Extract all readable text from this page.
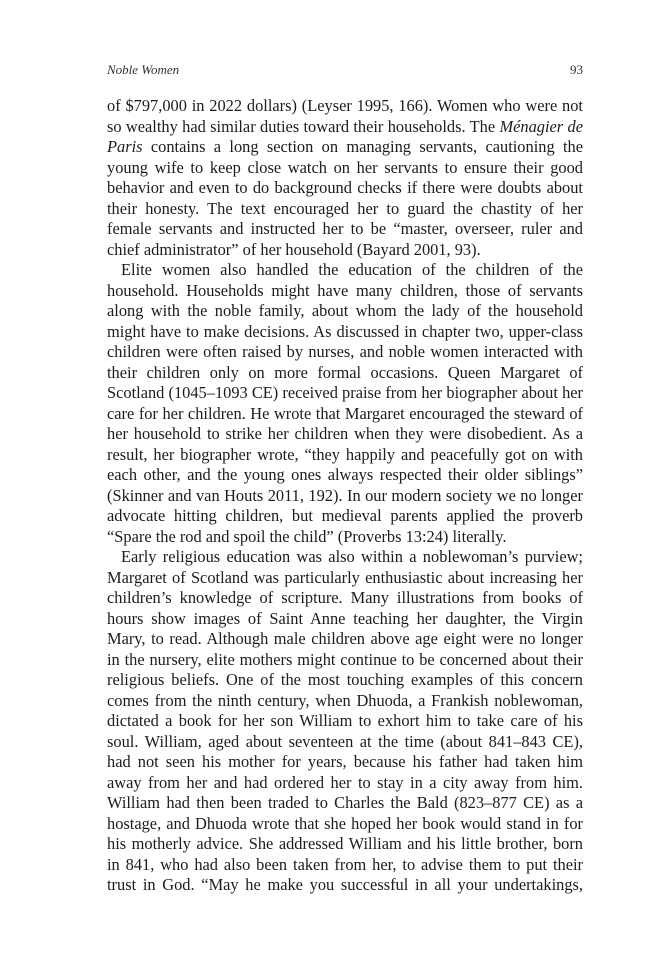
Noble Women	93

of $797,000 in 2022 dollars) (Leyser 1995, 166). Women who were not so wealthy had similar duties toward their households. The Ménagier de Paris contains a long section on managing servants, cautioning the young wife to keep close watch on her servants to ensure their good behavior and even to do background checks if there were doubts about their honesty. The text encouraged her to guard the chastity of her female servants and instructed her to be “master, overseer, ruler and chief administrator” of her household (Bayard 2001, 93).

Elite women also handled the education of the children of the household. Households might have many children, those of servants along with the noble family, about whom the lady of the household might have to make decisions. As discussed in chapter two, upper-class children were often raised by nurses, and noble women interacted with their children only on more formal occasions. Queen Margaret of Scotland (1045–1093 CE) received praise from her biographer about her care for her children. He wrote that Margaret encouraged the steward of her household to strike her children when they were disobedient. As a result, her biographer wrote, “they happily and peacefully got on with each other, and the young ones always respected their older siblings” (Skinner and van Houts 2011, 192). In our modern society we no longer advocate hitting children, but medieval parents applied the proverb “Spare the rod and spoil the child” (Proverbs 13:24) literally.

Early religious education was also within a noblewoman’s purview; Margaret of Scotland was particularly enthusiastic about increasing her children’s knowledge of scripture. Many illustrations from books of hours show images of Saint Anne teaching her daughter, the Virgin Mary, to read. Although male children above age eight were no longer in the nursery, elite mothers might continue to be concerned about their religious beliefs. One of the most touching examples of this concern comes from the ninth century, when Dhuoda, a Frankish noblewoman, dictated a book for her son William to exhort him to take care of his soul. William, aged about seventeen at the time (about 841–843 CE), had not seen his mother for years, because his father had taken him away from her and had ordered her to stay in a city away from him. William had then been traded to Charles the Bald (823–877 CE) as a hostage, and Dhuoda wrote that she hoped her book would stand in for his motherly advice. She addressed William and his little brother, born in 841, who had also been taken from her, to advise them to put their trust in God. “May he make you successful in all your undertakings,
